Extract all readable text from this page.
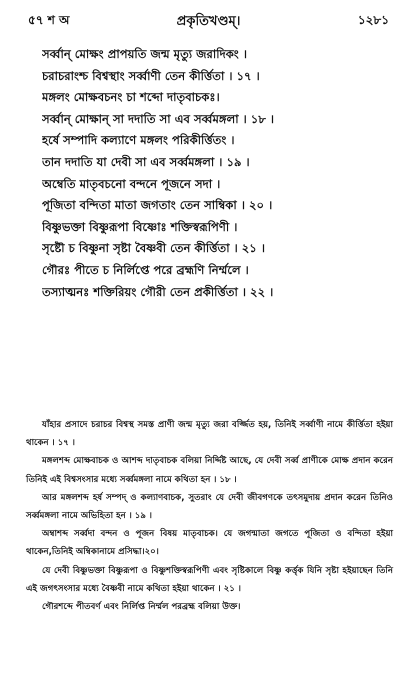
৫৭ শ অ	প্রকৃতিখণ্ডম্।	১২৮১
সর্ব্বান্ মোক্ষং প্রাপয়তি জন্ম মৃত্যু জরাদিকং ।
চরাচরাংশ্চ বিশ্বস্থাং সর্ব্বাণী তেন কীর্ত্তিতা । ১৭ ।
মঙ্গলং মোক্ষবচনং চা শব্দো দাতৃবাচকঃ।
সর্ব্বান্ মোক্ষান্ সা দদাতি সা এব সর্ব্বমঙ্গলা । ১৮ ।
হর্ষে সম্পাদি কল্যাণে মঙ্গলং পরিকীর্ত্তিতং ।
তান দদাতি যা দেবী সা এব সর্ব্বমঙ্গলা । ১৯ ।
অম্বেতি মাতৃবচনো বন্দনে পূজনে সদা ।
পূজিতা বন্দিতা মাতা জগতাং তেন সাম্বিকা । ২০ ।
বিষ্ণুভক্তা বিষ্ণুরূপা বিষ্ণোঃ শক্তিস্বরূপিণী ।
সৃষ্টৌ চ বিষ্ণুনা সৃষ্টা বৈষ্ণবী তেন কীর্ত্তিতা । ২১ ।
গৌরঃ পীতে চ নির্লিপ্তে পরে ব্রহ্মণি নির্ম্মলে ।
তস্যাত্মনঃ শক্তিরিয়ং গৌরী তেন প্রকীর্ত্তিতা । ২২ ।

যাঁহার প্রসাদে চরাচর বিশ্বস্থ সমস্ত প্রাণী জন্ম মৃত্যু জরা বর্জ্জিত হয়, তিনিই সর্ব্বাণী নামে কীর্ত্তিতা হইয়া থাকেন । ১৭ ।

মঙ্গলশব্দ মোক্ষবাচক ও আশব্দ দাতৃবাচক বলিয়া নির্দ্দিষ্ট আছে, যে দেবী সর্ব্ব প্রাণীকে মোক্ষ প্রদান করেন তিনিই এই বিশ্বসংসার মধ্যে সর্ব্বমঙ্গলা নামে কথিতা হন । ১৮ ।

আর মঙ্গলশব্দ হর্ষ সম্পদ্ ও কল্যাণবাচক, সুতরাং যে দেবী জীবগণকে তৎসমুদায় প্রদান করেন তিনিও সর্ব্বমঙ্গলা নামে অভিহিতা হন । ১৯ ।

অম্বাশব্দ সর্ব্বদা বন্দন ও পূজন বিষয় মাতৃবাচক। যে জগন্মাতা জগতে পূজিতা ও বন্দিতা হইয়া থাকেন,তিনিই অম্বিকানামে প্রসিদ্ধা।২০।

যে দেবী বিষ্ণুভক্তা বিষ্ণুরূপা ও বিষ্ণুশক্তিস্বরূপিণী এবং সৃষ্টিকালে বিষ্ণু কর্ত্তৃক যিনি সৃষ্টা হইয়াছেন তিনি এই জগৎসংসার মধ্যে বৈষ্ণবী নামে কথিতা হইয়া থাকেন । ২১ ।

গৌরশব্দে পীতবর্ণ এবং নির্লিপ্ত নির্ম্মল পরব্রহ্ম বলিয়া উক্ত।
